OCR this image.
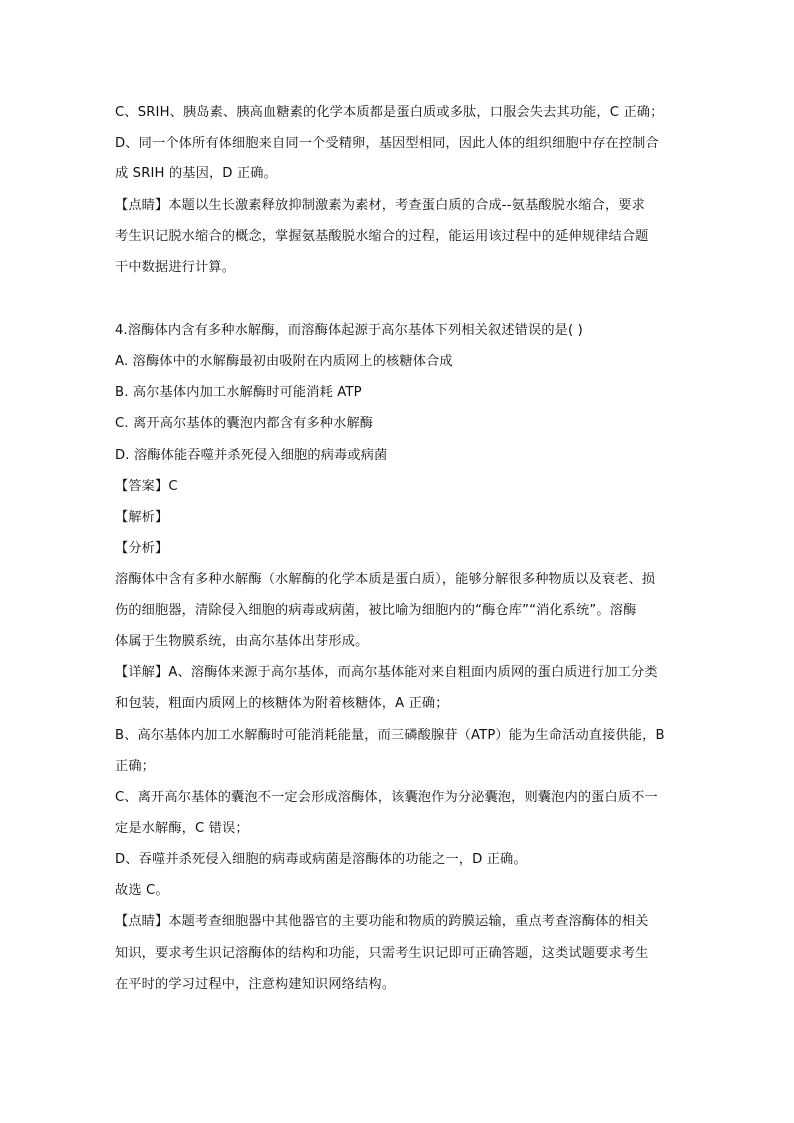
C、SRIH、胰岛素、胰高血糖素的化学本质都是蛋白质或多肽，口服会失去其功能，C 正确；
D、同一个体所有体细胞来自同一个受精卵，基因型相同，因此人体的组织细胞中存在控制合
成 SRIH 的基因，D 正确。
【点睛】本题以生长激素释放抑制激素为素材，考查蛋白质的合成--氨基酸脱水缩合，要求
考生识记脱水缩合的概念，掌握氨基酸脱水缩合的过程，能运用该过程中的延伸规律结合题
干中数据进行计算。
4.溶酶体内含有多种水解酶，而溶酶体起源于高尔基体下列相关叙述错误的是( )
A. 溶酶体中的水解酶最初由吸附在内质网上的核糖体合成
B. 高尔基体内加工水解酶时可能消耗 ATP
C. 离开高尔基体的囊泡内都含有多种水解酶
D. 溶酶体能吞噬并杀死侵入细胞的病毒或病菌
【答案】C
【解析】
【分析】
溶酶体中含有多种水解酶（水解酶的化学本质是蛋白质），能够分解很多种物质以及衰老、损
伤的细胞器，清除侵入细胞的病毒或病菌，被比喻为细胞内的“酶仓库”“消化系统”。溶酶
体属于生物膜系统，由高尔基体出芽形成。
【详解】A、溶酶体来源于高尔基体，而高尔基体能对来自粗面内质网的蛋白质进行加工分类
和包装，粗面内质网上的核糖体为附着核糖体，A 正确；
B、高尔基体内加工水解酶时可能消耗能量，而三磷酸腺苷（ATP）能为生命活动直接供能，B
正确；
C、离开高尔基体的囊泡不一定会形成溶酶体，该囊泡作为分泌囊泡，则囊泡内的蛋白质不一
定是水解酶，C 错误；
D、吞噬并杀死侵入细胞的病毒或病菌是溶酶体的功能之一，D 正确。
故选 C。
【点睛】本题考查细胞器中其他器官的主要功能和物质的跨膜运输，重点考查溶酶体的相关
知识，要求考生识记溶酶体的结构和功能，只需考生识记即可正确答题，这类试题要求考生
在平时的学习过程中，注意构建知识网络结构。
